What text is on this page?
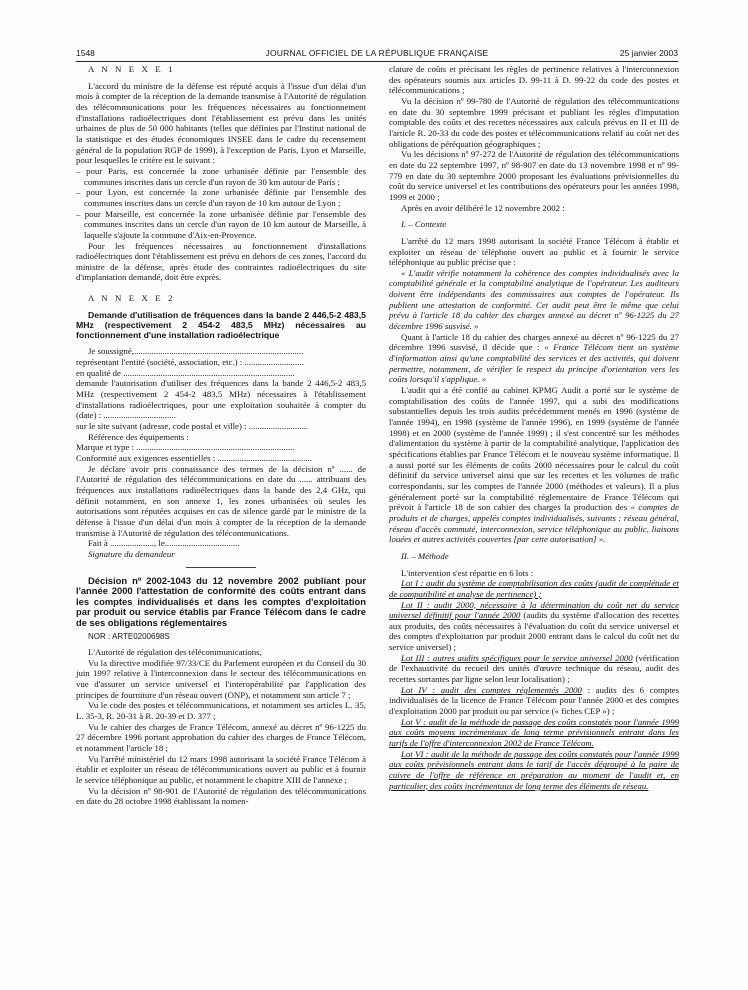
1548	JOURNAL OFFICIEL DE LA RÉPUBLIQUE FRANÇAISE	25 janvier 2003

A N N E X E 1

L'accord du ministre de la défense est réputé acquis à l'issue d'un délai d'un mois à compter de la réception de la demande transmise à l'Autorité de régulation des télécommunications pour les fréquences nécessaires au fonctionnement d'installations radioélectriques dont l'établissement est prévu dans les unités urbaines de plus de 50 000 habitants (telles que définies par l'Institut national de la statistique et des études économiques INSEE dans le cadre du recensement général de la population RGP de 1999), à l'exception de Paris, Lyon et Marseille, pour lesquelles le critère est le suivant :

– pour Paris, est concernée la zone urbanisée définie par l'ensemble des communes inscrites dans un cercle d'un rayon de 30 km autour de Paris ;

– pour Lyon, est concernée la zone urbanisée définie par l'ensemble des communes inscrites dans un cercle d'un rayon de 10 km autour de Lyon ;

– pour Marseille, est concernée la zone urbanisée définie par l'ensemble des communes inscrites dans un cercle d'un rayon de 10 km autour de Marseille, à laquelle s'ajoute la commune d'Aix-en-Provence.

Pour les fréquences nécessaires au fonctionnement d'installations radioélectriques dont l'établissement est prévu en dehors de ces zones, l'accord du ministre de la défense, après étude des contraintes radioélectriques du site d'implantation demandé, doit être exprès.

A N N E X E 2

Demande d'utilisation de fréquences dans la bande 2 446,5-2 483,5 MHz (respectivement 2 454-2 483,5 MHz) nécessaires au fonctionnement d'une installation radioélectrique

Je soussigné,.............................................................................

représentant l'entité (société, association, etc.) : ...........................

en qualité de ..............................................................................

demande l'autorisation d'utiliser des fréquences dans la bande 2 446,5-2 483,5 MHz (respectivement 2 454-2 483,5 MHz) nécessaires à l'établissement d'installations radioélectriques, pour une exploitation souhaitée à compter du (date) : .................................

sur le site suivant (adresse, code postal et ville) : ...........................

Référence des équipements :

Marque et type : ........................................................................

Conformité aux exigences essentielles : ...........................................

Je déclare avoir pris connaissance des termes de la décision nº ...... de l'Autorité de régulation des télécommunications en date du ...... attribuant des fréquences aux installations radioélectriques dans la bande des 2,4 GHz, qui définit notamment, en son annexe 1, les zones urbanisées où seules les autorisations sont réputées acquises en cas de silence gardé par le ministre de la défense à l'issue d'un délai d'un mois à compter de la réception de la demande transmise à l'Autorité de régulation des télécommunications.

Fait à ...................., le..................................

Signature du demandeur

Décision nº 2002-1043 du 12 novembre 2002 publiant pour l'année 2000 l'attestation de conformité des coûts entrant dans les comptes individualisés et dans les comptes d'exploitation par produit ou service établis par France Télécom dans le cadre de ses obligations réglementaires

NOR : ARTE0200698S

L'Autorité de régulation des télécommunications,

Vu la directive modifiée 97/33/CE du Parlement européen et du Conseil du 30 juin 1997 relative à l'interconnexion dans le secteur des télécommunications en vue d'assurer un service universel et l'interopérabilité par l'application des principes de fourniture d'un réseau ouvert (ONP), et notamment son article 7 ;

Vu le code des postes et télécommunications, et notamment ses articles L. 35, L. 35-3, R. 20-31 à R. 20-39 et D. 377 ;

Vu le cahier des charges de France Télécom, annexé au décret nº 96-1225 du 27 décembre 1996 portant approbation du cahier des charges de France Télécom, et notamment l'article 18 ;

Vu l'arrêté ministériel du 12 mars 1998 autorisant la société France Télécom à établir et exploiter un réseau de télécommunications ouvert au public et à fournir le service téléphonique au public, et notamment le chapitre XIII de l'annexe ;

Vu la décision nº 98-901 de l'Autorité de régulation des télécommunications en date du 28 octobre 1998 établissant la nomen-

clature de coûts et précisant les règles de pertinence relatives à l'interconnexion des opérateurs soumis aux articles D. 99-11 à D. 99-22 du code des postes et télécommunications ;

Vu la décision nº 99-780 de l'Autorité de régulation des télécommunications en date du 30 septembre 1999 précisant et publiant les règles d'imputation comptable des coûts et des recettes nécessaires aux calculs prévus en II et III de l'article R. 20-33 du code des postes et télécommunications relatif au coût net des obligations de péréquation géographiques ;

Vu les décisions nº 97-272 de l'Autorité de régulation des télécommunications en date du 22 septembre 1997, nº 98-907 en date du 13 novembre 1998 et nº 99-779 en date du 30 septembre 2000 proposant les évaluations prévisionnelles du coût du service universel et les contributions des opérateurs pour les années 1998, 1999 et 2000 ;

Après en avoir délibéré le 12 novembre 2002 :

I. – Contexte

L'arrêté du 12 mars 1998 autorisant la société France Télécom à établir et exploiter un réseau de téléphone ouvert au public et à fournir le service téléphonique au public précise que :

« L'audit vérifie notamment la cohérence des comptes individualisés avec la comptabilité générale et la comptabilité analytique de l'opérateur. Les auditeurs doivent être indépendants des commissaires aux comptes de l'opérateur. Ils publient une attestation de conformité. Cet audit peut être le même que celui prévu à l'article 18 du cahier des charges annexé au décret nº 96-1225 du 27 décembre 1996 susvisé. »

Quant à l'article 18 du cahier des charges annexé au décret nº 96-1225 du 27 décembre 1996 susvisé, il décide que : « France Télécom tient un système d'information ainsi qu'une comptabilité des services et des activités, qui doivent permettre, notamment, de vérifier le respect du principe d'orientation vers les coûts lorsqu'il s'applique. »

L'audit qui a été confié au cabinet KPMG Audit a porté sur le système de comptabilisation des coûts de l'année 1997, qui a subi des modifications substantielles depuis les trois audits précédemment menés en 1996 (système de l'année 1994), en 1998 (système de l'année 1996), en 1999 (système de l'année 1998) et en 2000 (système de l'année 1999) ; il s'est concentré sur les méthodes d'alimentation du système à partir de la comptabilité analytique, l'application des spécifications établies par France Télécom et le nouveau système informatique. Il a aussi porté sur les éléments de coûts 2000 nécessaires pour le calcul du coût définitif du service universel ainsi que sur les recettes et les volumes de trafic correspondants, sur les comptes de l'année 2000 (méthodes et valeurs). Il a plus généralement porté sur la comptabilité réglementaire de France Télécom qui prévoit à l'article 18 de son cahier des charges la production des « comptes de produits et de charges, appelés comptes individualisés, suivants : réseau général, réseau d'accès commuté, interconnexion, service téléphonique au public, liaisons louées et autres activités couvertes [par cette autorisation] ».

II. – Méthode

L'intervention s'est répartie en 6 lots :

Lot I : audit du système de comptabilisation des coûts (audit de complétude et de compatibilité et analyse de pertinence) ;

Lot II : audit 2000, nécessaire à la détermination du coût net du service universel définitif pour l'année 2000 (audits du système d'allocation des recettes aux produits, des coûts nécessaires à l'évaluation du coût du service universel et des comptes d'exploitation par produit 2000 entrant dans le calcul du coût net du service universel) ;

Lot III : autres audits spécifiques pour le service universel 2000 (vérification de l'exhaustivité du recueil des unités d'œuvre technique du réseau, audit des recettes sortantes par ligne selon leur localisation) ;

Lot IV : audit des comptes réglementés 2000 : audits des 6 comptes individualisés de la licence de France Télécom pour l'année 2000 et des comptes d'exploitation 2000 par produit ou par service (« fiches CEP ») ;

Lot V : audit de la méthode de passage des coûts constatés pour l'année 1999 aux coûts moyens incrémentaux de long terme prévisionnels entrant dans les tarifs de l'offre d'interconnexion 2002 de France Télécom.

Lot VI : audit de la méthode de passage des coûts constatés pour l'année 1999 aux coûts prévisionnels entrant dans le tarif de l'accès dégroupé à la paire de cuivre de l'offre de référence en préparation au moment de l'audit et, en particulier, des coûts incrémentaux de long terme des éléments de réseau.
